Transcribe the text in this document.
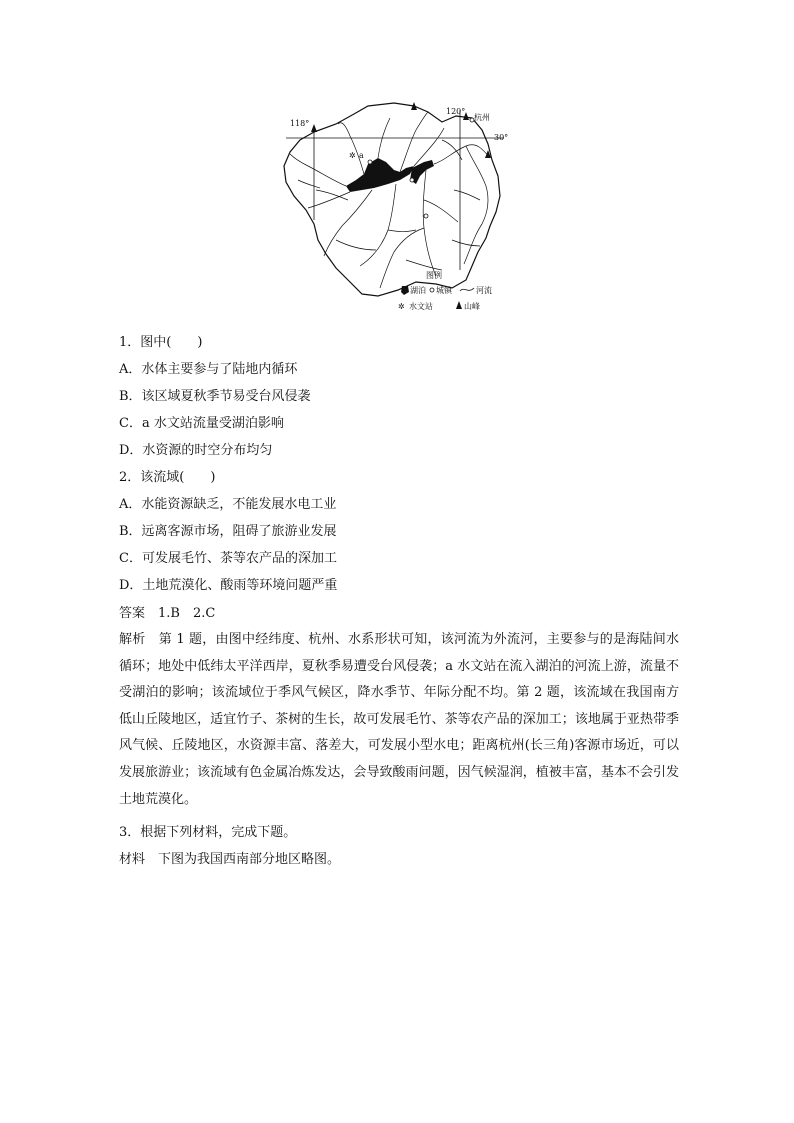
✲
118°
120°
30°
杭州
a
图例
湖泊 城镇	河流
✲ 水文站	山峰
1．图中(　　)
A．水体主要参与了陆地内循环
B．该区域夏秋季节易受台风侵袭
C．a 水文站流量受湖泊影响
D．水资源的时空分布均匀
2．该流域(　　)
A．水能资源缺乏，不能发展水电工业
B．远离客源市场，阻碍了旅游业发展
C．可发展毛竹、茶等农产品的深加工
D．土地荒漠化、酸雨等环境问题严重
答案　 1.B　2.C
解析　 第 1 题，由图中经纬度、杭州、水系形状可知，该河流为外流河，主要参与的是海陆间水循环；地处中低纬太平洋西岸，夏秋季易遭受台风侵袭；a 水文站在流入湖泊的河流上游，流量不受湖泊的影响；该流域位于季风气候区，降水季节、年际分配不均。第 2 题，该流域在我国南方低山丘陵地区，适宜竹子、茶树的生长，故可发展毛竹、茶等农产品的深加工；该地属于亚热带季风气候、丘陵地区，水资源丰富、落差大，可发展小型水电；距离杭州(长三角)客源市场近，可以发展旅游业；该流域有色金属冶炼发达，会导致酸雨问题，因气候湿润，植被丰富，基本不会引发土地荒漠化。
3．根据下列材料，完成下题。
材料　 下图为我国西南部分地区略图。
